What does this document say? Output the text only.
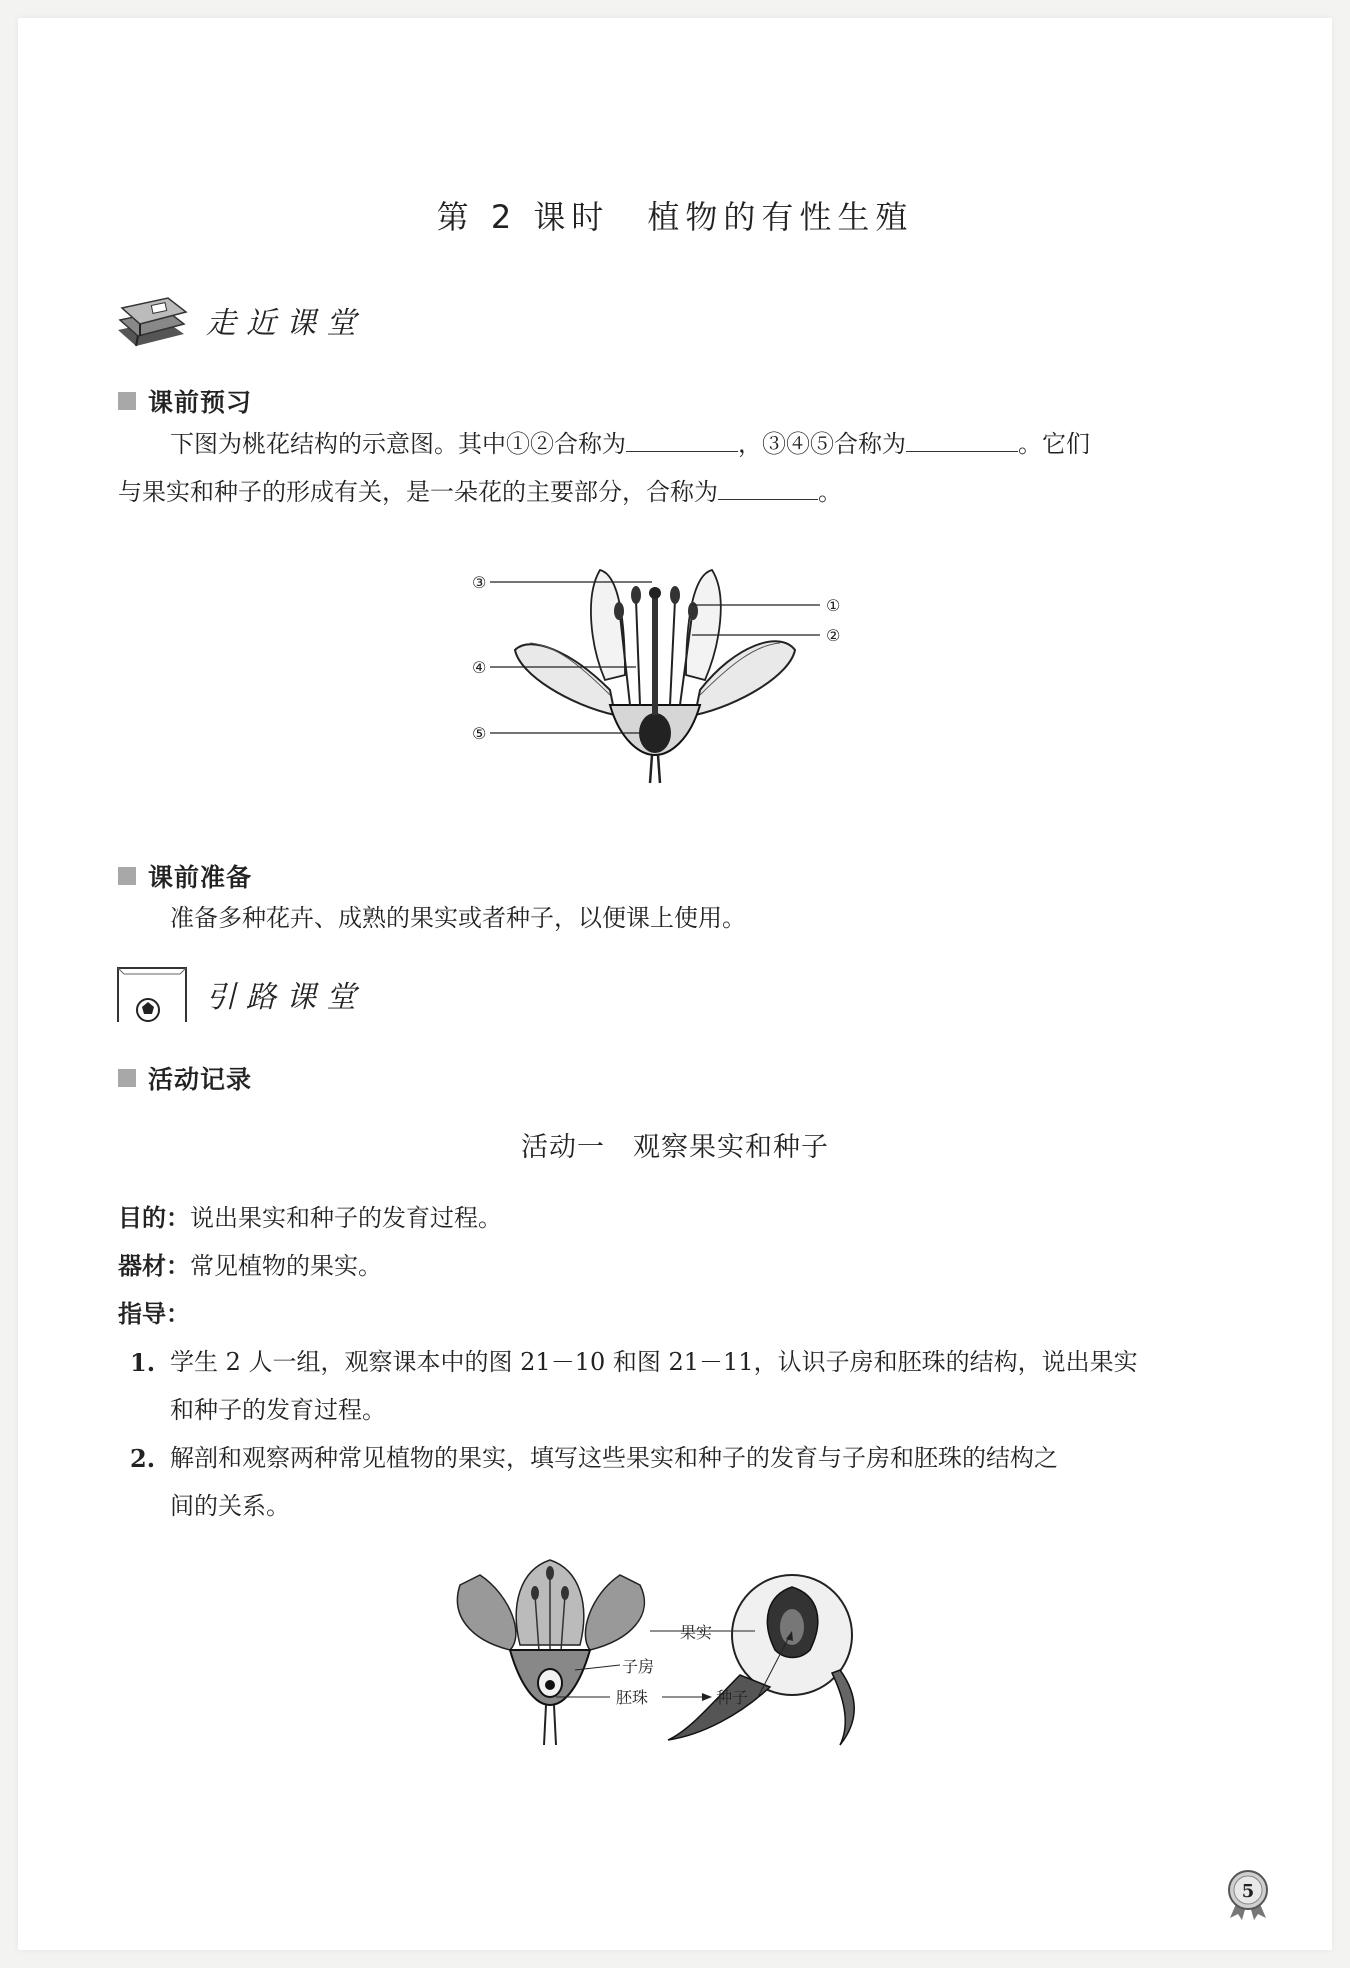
第 2 课时　植物的有性生殖
走近课堂
课前预习
下图为桃花结构的示意图。其中①②合称为	，③④⑤合称为	。它们
与果实和种子的形成有关，是一朵花的主要部分，合称为	。
③
①
②
④
⑤
课前准备
准备多种花卉、成熟的果实或者种子，以便课上使用。
引路课堂
活动记录
活动一　观察果实和种子
目的：说出果实和种子的发育过程。
器材：常见植物的果实。
指导：
1. 学生 2 人一组，观察课本中的图 21－10 和图 21－11，认识子房和胚珠的结构，说出果实
和种子的发育过程。
2. 解剖和观察两种常见植物的果实，填写这些果实和种子的发育与子房和胚珠的结构之
间的关系。
果实
子房
胚珠	种子
5
